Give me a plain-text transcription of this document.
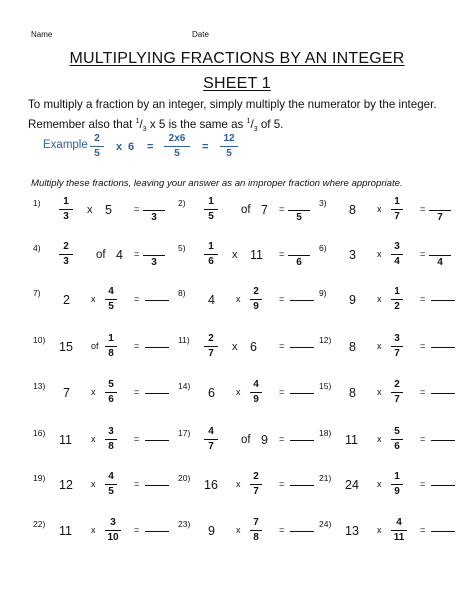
Name	Date
MULTIPLYING FRACTIONS BY AN INTEGER
SHEET 1
To multiply a fraction by an integer, simply multiply the numerator by the integer.
Remember also that $^1/_3$ x 5 is the same as $^1/_3$ of 5.
Example
2
5
x 6 =
2x6
5
=
12
5
Multiply these fractions, leaving your answer as an improper fraction where appropriate.
1) 1
3
x 5 =
3
2) 1
5
of 7 =
5
3) 8 x
1
7
=
7
4) 2
3
of 4 =
3
5) 1
6
x 11 =
6
6) 3 x
3
4
=
4
7) 2 x
4
5
=
8) 4 x
2
9
=
9) 9 x
1
2
=
10) 15 of
1
8
=
11) 2
7
x 6 =
12) 8 x
3
7
=
13) 7 x
5
6
=
14) 6 x
4
9
=
15) 8 x
2
7
=
16) 11 x
3
8
=
17) 4
7
of 9 =
18) 11 x
5
6
=
19) 12 x
4
5
=
20) 16 x
2
7
=
21) 24 x
1
9
=
22) 11 x
3
10
=
23) 9 x
7
8
=
24) 13 x
4
11
=
